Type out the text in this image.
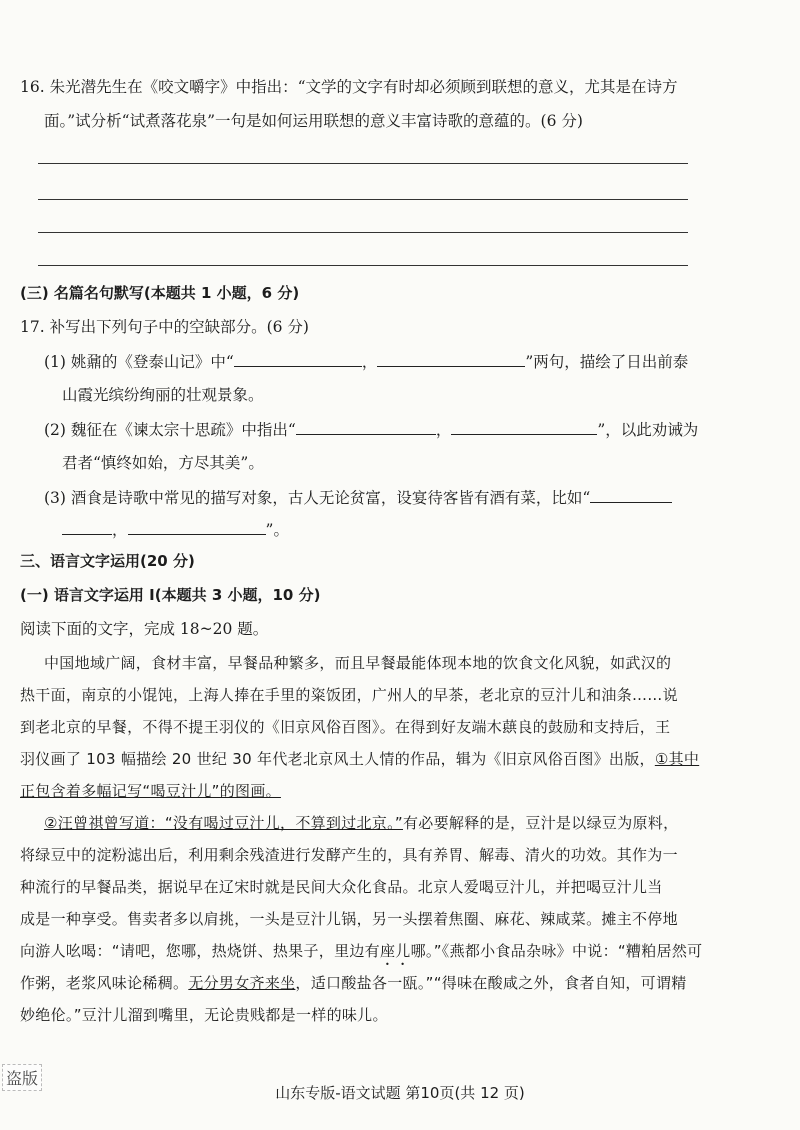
16. 朱光潜先生在《咬文嚼字》中指出：“文学的文字有时却必须顾到联想的意义，尤其是在诗方
面。”试分析“试煮落花泉”一句是如何运用联想的意义丰富诗歌的意蕴的。(6 分)
(三) 名篇名句默写(本题共 1 小题，6 分)
17. 补写出下列句子中的空缺部分。(6 分)
(1) 姚鼐的《登泰山记》中“	，	”两句，描绘了日出前泰
山霞光缤纷绚丽的壮观景象。
(2) 魏征在《谏太宗十思疏》中指出“	，	”，以此劝诫为
君者“慎终如始，方尽其美”。
(3) 酒食是诗歌中常见的描写对象，古人无论贫富，设宴待客皆有酒有菜，比如“
，	”。
三、语言文字运用(20 分)
(一) 语言文字运用 Ⅰ(本题共 3 小题，10 分)
阅读下面的文字，完成 18~20 题。
中国地域广阔，食材丰富，早餐品种繁多，而且早餐最能体现本地的饮食文化风貌，如武汉的
热干面，南京的小馄饨，上海人捧在手里的粢饭团，广州人的早茶，老北京的豆汁儿和油条……说
到老北京的早餐，不得不提王羽仪的《旧京风俗百图》。在得到好友端木蕻良的鼓励和支持后，王
羽仪画了 103 幅描绘 20 世纪 30 年代老北京风土人情的作品，辑为《旧京风俗百图》出版，①其中
正包含着多幅记写“喝豆汁儿”的图画。
②汪曾祺曾写道：“没有喝过豆汁儿，不算到过北京。”有必要解释的是，豆汁是以绿豆为原料，
将绿豆中的淀粉滤出后，利用剩余残渣进行发酵产生的，具有养胃、解毒、清火的功效。其作为一
种流行的早餐品类，据说早在辽宋时就是民间大众化食品。北京人爱喝豆汁儿，并把喝豆汁儿当
成是一种享受。售卖者多以肩挑，一头是豆汁儿锅，另一头摆着焦圈、麻花、辣咸菜。摊主不停地
向游人吆喝：“请吧，您哪，热烧饼、热果子，里边有座儿哪。”《燕都小食品杂咏》中说：“糟粕居然可
作粥，老浆风味论稀稠。无分男女齐来坐，适口酸盐各一瓯。”“得味在酸咸之外，食者自知，可谓精
妙绝伦。”豆汁儿溜到嘴里，无论贵贱都是一样的味儿。
盗版
山东专版-语文试题 第10页(共 12 页)
